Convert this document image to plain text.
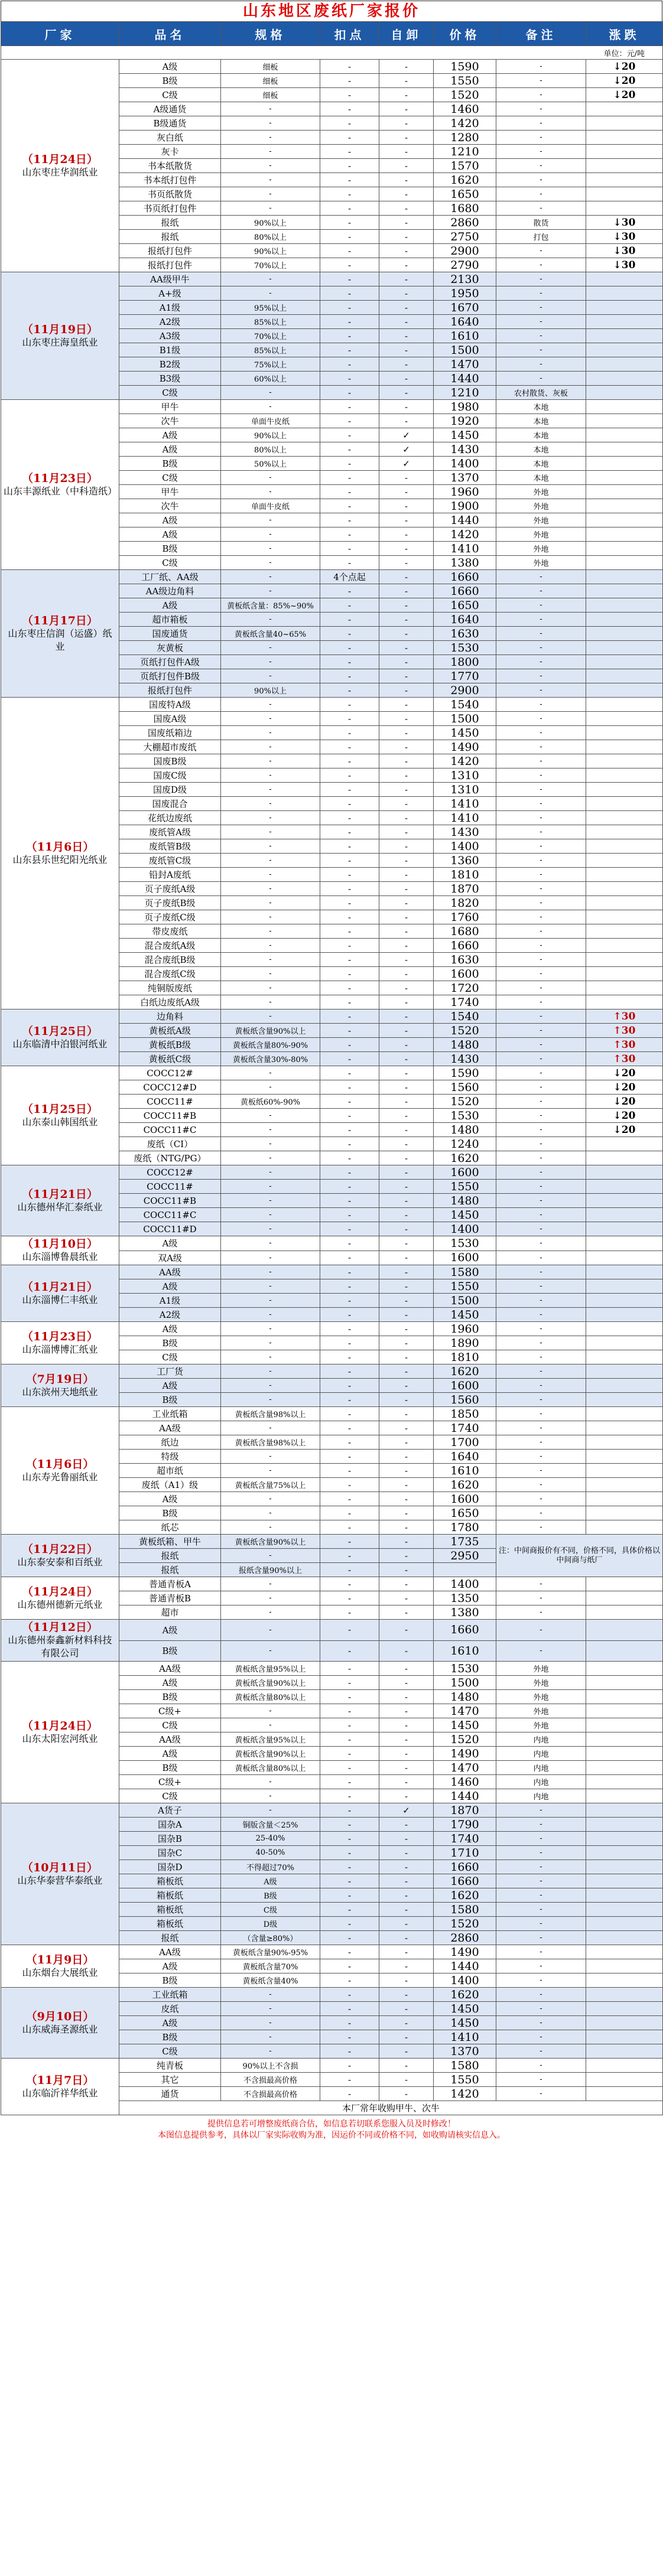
山东地区废纸厂家报价
厂家	品名	规格	扣点	自卸	价格	备注	涨跌
单位：元/吨							

（11月24日）
山东枣庄华润纸业	A级	细板	-	-	1590	-	↓20
	B级	细板	-	-	1550	-	↓20
	C级	细板	-	-	1520	-	↓20
	A级通货	-	-	-	1460	-	
	B级通货	-	-	-	1420	-	
	灰白纸	-	-	-	1280	-	
	灰卡	-	-	-	1210	-	
	书本纸散货	-	-	-	1570	-	
	书本纸打包件	-	-	-	1620	-	
	书页纸散货	-	-	-	1650	-	
	书页纸打包件	-	-	-	1680	-	
	报纸	90%以上	-	-	2860	散货	↓30
	报纸	80%以上	-	-	2750	打包	↓30
	报纸打包件	90%以上	-	-	2900	-	↓30
	报纸打包件	70%以上	-	-	2790	-	↓30

（11月19日）
山东枣庄海皇纸业	AA级甲牛	-	-	-	2130	-	
	A+级	-	-	-	1950	-	
	A1级	95%以上	-	-	1670	-	
	A2级	85%以上	-	-	1640	-	
	A3级	70%以上	-	-	1610	-	
	B1级	85%以上	-	-	1500	-	
	B2级	75%以上	-	-	1470	-	
	B3级	60%以上	-	-	1440	-	
	C级	-	-	-	1210	农村散货、灰板	

（11月23日）
山东丰源纸业（中科造纸）	甲牛	-	-	-	1980	本地	
	次牛	单面牛皮纸	-	-	1920	本地	
	A级	90%以上	-	✓	1450	本地	
	A级	80%以上	-	✓	1430	本地	
	B级	50%以上	-	✓	1400	本地	
	C级	-	-	-	1370	本地	
	甲牛	-	-	-	1960	外地	
	次牛	单面牛皮纸	-	-	1900	外地	
	A级	-	-	-	1440	外地	
	A级	-	-	-	1420	外地	
	B级	-	-	-	1410	外地	
	C级	-	-	-	1380	外地	

（11月17日）
山东枣庄信润（运盛）纸业	工厂纸、AA级	-	4个点起	-	1660	-	
	AA级边角料	-	-	-	1660	-	
	A级	黄板纸含量：85%~90%	-	-	1650	-	
	超市箱板	-	-	-	1640	-	
	国废通货	黄板纸含量40~65%	-	-	1630	-	
	灰黄板	-	-	-	1530	-	
	页纸打包件A级	-	-	-	1800	-	
	页纸打包件B级	-	-	-	1770	-	
	报纸打包件	90%以上	-	-	2900	-	

（11月6日）
山东县乐世纪阳光纸业	国废特A级	-	-	-	1540	-	
	国废A级	-	-	-	1500	-	
	国废纸箱边	-	-	-	1450	-	
	大棚超市废纸	-	-	-	1490	-	
	国废B级	-	-	-	1420	-	
	国废C级	-	-	-	1310	-	
	国废D级	-	-	-	1310	-	
	国废混合	-	-	-	1410	-	
	花纸边废纸	-	-	-	1410	-	
	废纸管A级	-	-	-	1430	-	
	废纸管B级	-	-	-	1400	-	
	废纸管C级	-	-	-	1360	-	
	铅封A废纸	-	-	-	1810	-	
	页子废纸A级	-	-	-	1870	-	
	页子废纸B级	-	-	-	1820	-	
	页子废纸C级	-	-	-	1760	-	
	带皮废纸	-	-	-	1680	-	
	混合废纸A级	-	-	-	1660	-	
	混合废纸B级	-	-	-	1630	-	
	混合废纸C级	-	-	-	1600	-	
	纯铜版废纸	-	-	-	1720	-	
	白纸边废纸A级	-	-	-	1740	-	

（11月25日）
山东临清中泊银河纸业	边角料	-	-	-	1540	-	↑30
	黄板纸A级	黄板纸含量90%以上	-	-	1520	-	↑30
	黄板纸B级	黄板纸含量80%-90%	-	-	1480	-	↑30
	黄板纸C级	黄板纸含量30%-80%	-	-	1430	-	↑30

（11月25日）
山东泰山韩国纸业	COCC12#	-	-	-	1590	-	↓20
	COCC12#D	-	-	-	1560	-	↓20
	COCC11#	黄板纸60%-90%	-	-	1520	-	↓20
	COCC11#B	-	-	-	1530	-	↓20
	COCC11#C	-	-	-	1480	-	↓20
	废纸（CI）	-	-	-	1240	-	
	废纸（NTG/PG）	-	-	-	1620	-	

（11月21日）
山东德州华汇泰纸业	COCC12#	-	-	-	1600	-	
	COCC11#	-	-	-	1550	-	
	COCC11#B	-	-	-	1480	-	
	COCC11#C	-	-	-	1450	-	
	COCC11#D	-	-	-	1400	-	

（11月10日）
山东淄博鲁晨纸业	A级	-	-	-	1530	-	
	双A级	-	-	-	1600	-	

（11月21日）
山东淄博仁丰纸业	AA级	-	-	-	1580	-	
	A级	-	-	-	1550	-	
	A1级	-	-	-	1500	-	
	A2级	-	-	-	1450	-	

（11月23日）
山东淄博博汇纸业	A级	-	-	-	1960	-	
	B级	-	-	-	1890	-	
	C级	-	-	-	1810	-	

（7月19日）
山东滨州天地纸业	工厂货	-	-	-	1620	-	
	A级	-	-	-	1600	-	
	B级	-	-	-	1560	-	

（11月6日）
山东寿光鲁丽纸业	工业纸箱	黄板纸含量98%以上	-	-	1850	-	
	AA级	-	-	-	1740	-	
	纸边	黄板纸含量98%以上	-	-	1700	-	
	特级	-	-	-	1640	-	
	超市纸	-	-	-	1610	-	
	废纸（A1）级	黄板纸含量75%以上	-	-	1620	-	
	A级	-	-	-	1600	-	
	B级	-	-	-	1650	-	
	纸芯	-	-	-	1780	-	

（11月22日）
山东泰安泰和百纸业	黄板纸箱、甲牛	黄板纸含量90%以上	-	-	1735	注：中间商报价有不同，价格不同，具体价格以中间商与纸厂	
	报纸	-	-	-	2950		
	报纸	报纸含量90%以上	-	-			

（11月24日）
山东德州德新元纸业	普通青板A	-	-	-	1400	-	
	普通青板B	-	-	-	1350	-	
	超市	-	-	-	1380	-	

（11月12日）
山东德州泰鑫新材料科技有限公司	A级	-	-	-	1660	-	
	B级	-	-	-	1610	-	

（11月24日）
山东太阳宏河纸业	AA级	黄板纸含量95%以上	-	-	1530	外地	
	A级	黄板纸含量90%以上	-	-	1500	外地	
	B级	黄板纸含量80%以上	-	-	1480	外地	
	C级+	-	-	-	1470	外地	
	C级	-	-	-	1450	外地	
	AA级	黄板纸含量95%以上	-	-	1520	内地	
	A级	黄板纸含量90%以上	-	-	1490	内地	
	B级	黄板纸含量80%以上	-	-	1470	内地	
	C级+	-	-	-	1460	内地	
	C级	-	-	-	1440	内地	

（10月11日）
山东华泰营华泰纸业	A货子	-	-	✓	1870	-	
	国杂A	铜版含量＜25%	-	-	1790	-	
	国杂B	25-40%	-	-	1740	-	
	国杂C	40-50%	-	-	1710	-	
	国杂D	不得超过70%	-	-	1660	-	
	箱板纸	A级	-	-	1660	-	
	箱板纸	B级	-	-	1620	-	
	箱板纸	C级	-	-	1580	-	
	箱板纸	D级	-	-	1520	-	
	报纸	（含量≥80%）	-	-	2860	-	

（11月9日）
山东烟台大展纸业	AA级	黄板纸含量90%-95%	-	-	1490	-	
	A级	黄板纸含量70%	-	-	1440	-	
	B级	黄板纸含量40%	-	-	1400	-	

（9月10日）
山东威海圣源纸业	工业纸箱	-	-	-	1620	-	
	皮纸	-	-	-	1450	-	
	A级	-	-	-	1450	-	
	B级	-	-	-	1410	-	
	C级	-	-	-	1370	-	

（11月7日）
山东临沂祥华纸业	纯青板	90%以上不含损	-	-	1580	-	
	其它	不含损最高价格	-	-	1550	-	
	通货	不含损最高价格	-	-	1420	-	
	本厂常年收购甲牛、次牛						
提供信息若可增整废纸商合估，如信息若切联系您服入员及时修改！
本图信息提供参考，具体以厂家实际收购为准，因运价不同或价格不同，如收购请核实信息入。
